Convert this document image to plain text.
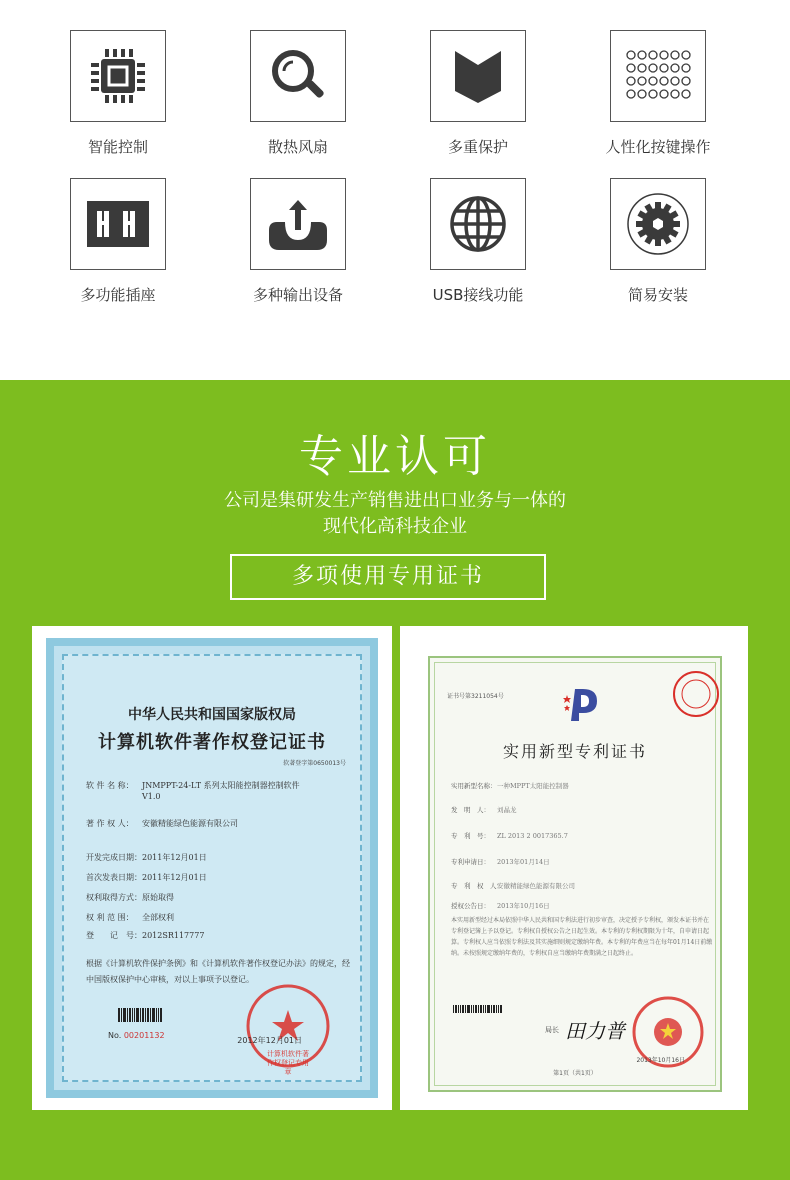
智能控制	散热风扇	多重保护	人性化按键操作
多功能插座	多种输出设备	USB接线功能	简易安装
专业认可
公司是集研发生产销售进出口业务与一体的
现代化高科技企业
多项使用专用证书
中华人民共和国国家版权局
计算机软件著作权登记证书
软著登字第0650013号
软 件 名 称： JNMPPT-24-LT 系列太阳能控制器控制软件
V1.0
著 作 权 人： 安徽精能绿色能源有限公司
开发完成日期：2011年12月01日
首次发表日期：2011年12月01日
权利取得方式：原始取得
权 利 范 围： 全部权利
登　　记　号：2012SR117777
根据《计算机软件保护条例》和《计算机软件著作权登记办法》的规定，经中国版权保护中心审核，对以上事项予以登记。
计算机软件著作权登记专用章
No. 00201132
2012年12月01日
证书号第3211054号
实用新型专利证书
实用新型名称：一种MPPT太阳能控制器
发　明　人： 刘晶龙
专　利　号： ZL 2013 2 0017365.7
专利申请日： 2013年01月14日
专　利　权　人：安徽精能绿色能源有限公司
授权公告日： 2013年10月16日
本实用新型经过本局依照中华人民共和国专利法进行初步审查，决定授予专利权，颁发本证书并在专利登记簿上予以登记。专利权自授权公告之日起生效。本专利的专利权期限为十年，自申请日起算。专利权人应当依照专利法及其实施细则规定缴纳年费。本专利的年费应当在每年01月14日前缴纳。未按照规定缴纳年费的，专利权自应当缴纳年费期满之日起终止。
局长 田力普
2013年10月16日
第1页（共1页）
